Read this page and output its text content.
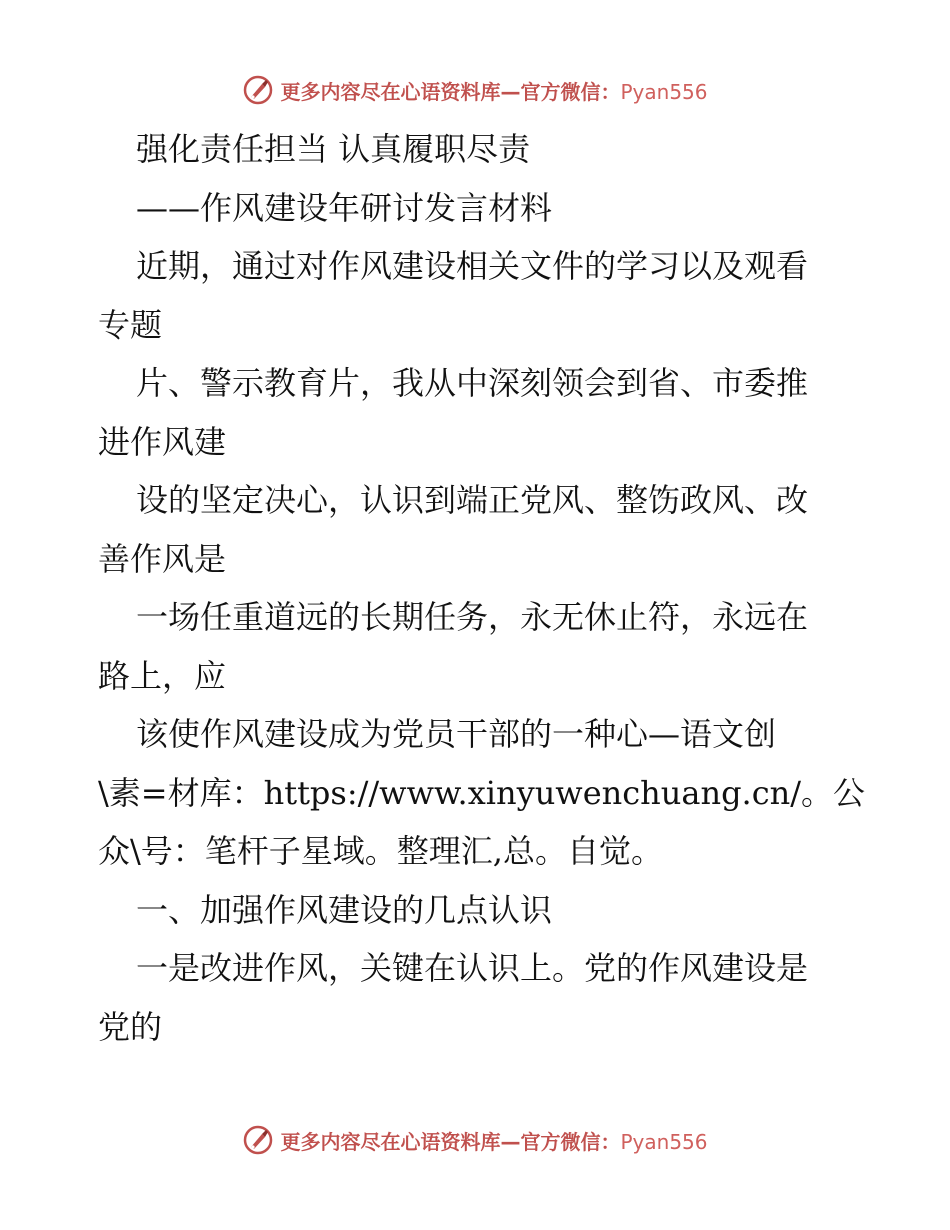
更多内容尽在心语资料库—官方微信：Pyan556
强化责任担当 认真履职尽责
——作风建设年研讨发言材料
近期，通过对作风建设相关文件的学习以及观看
专题
片、警示教育片，我从中深刻领会到省、市委推
进作风建
设的坚定决心，认识到端正党风、整饬政风、改
善作风是
一场任重道远的长期任务，永无休止符，永远在
路上，应
该使作风建设成为党员干部的一种心—语文创
\素=材库：https://www.xinyuwenchuang.cn/。公
众\号：笔杆子星域。整理汇,总。自觉。
一、加强作风建设的几点认识
一是改进作风，关键在认识上。党的作风建设是
党的
更多内容尽在心语资料库—官方微信：Pyan556
